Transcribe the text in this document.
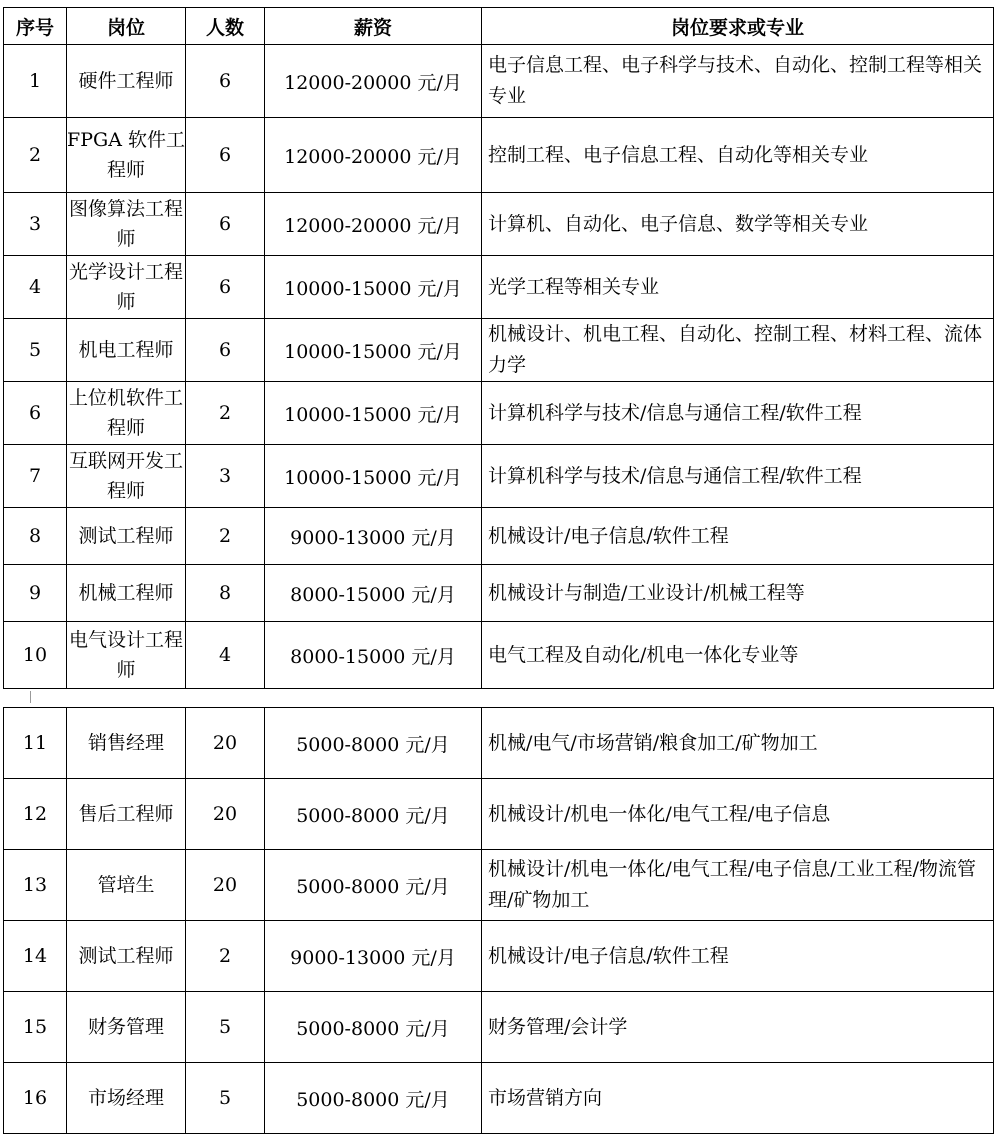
序号	岗位	人数	薪资	岗位要求或专业
1	硬件工程师	6	12000-20000 元/月	电子信息工程、电子科学与技术、自动化、控制工程等相关专业
2	FPGA 软件工程师	6	12000-20000 元/月	控制工程、电子信息工程、自动化等相关专业
3	图像算法工程师	6	12000-20000 元/月	计算机、自动化、电子信息、数学等相关专业
4	光学设计工程师	6	10000-15000 元/月	光学工程等相关专业
5	机电工程师	6	10000-15000 元/月	机械设计、机电工程、自动化、控制工程、材料工程、流体力学
6	上位机软件工程师	2	10000-15000 元/月	计算机科学与技术/信息与通信工程/软件工程
7	互联网开发工程师	3	10000-15000 元/月	计算机科学与技术/信息与通信工程/软件工程
8	测试工程师	2	9000-13000 元/月	机械设计/电子信息/软件工程
9	机械工程师	8	8000-15000 元/月	机械设计与制造/工业设计/机械工程等
10	电气设计工程师	4	8000-15000 元/月	电气工程及自动化/机电一体化专业等
11	销售经理	20	5000-8000 元/月	机械/电气/市场营销/粮食加工/矿物加工
12	售后工程师	20	5000-8000 元/月	机械设计/机电一体化/电气工程/电子信息
13	管培生	20	5000-8000 元/月	机械设计/机电一体化/电气工程/电子信息/工业工程/物流管理/矿物加工
14	测试工程师	2	9000-13000 元/月	机械设计/电子信息/软件工程
15	财务管理	5	5000-8000 元/月	财务管理/会计学
16	市场经理	5	5000-8000 元/月	市场营销方向
